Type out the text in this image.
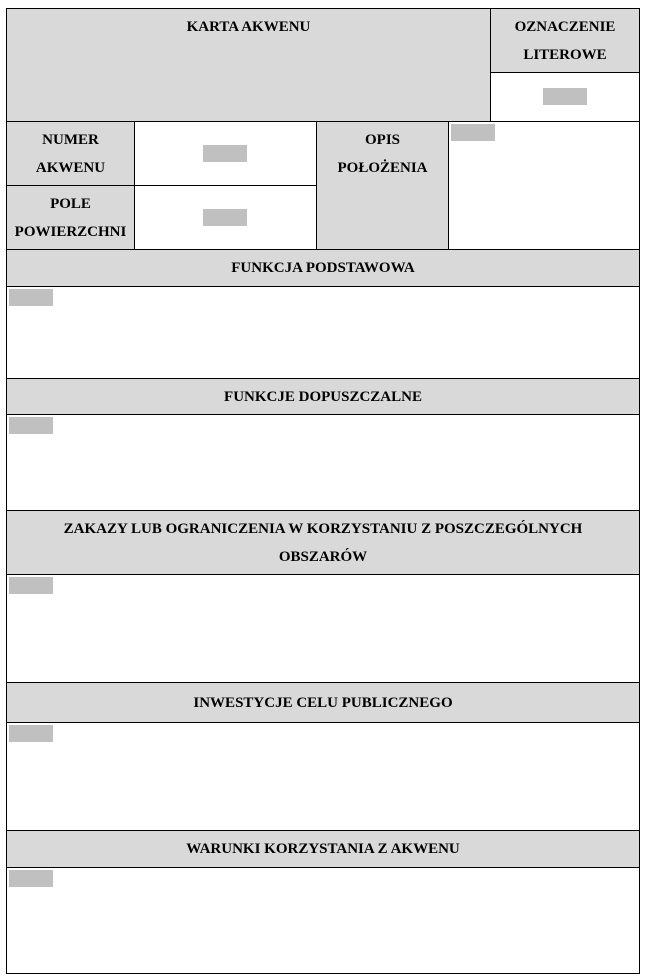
KARTA AKWENU	OZNACZENIE LITEROWE
NUMER AKWENU
POLE POWIERZCHNI
OPIS POŁOŻENIA
FUNKCJA PODSTAWOWA
FUNKCJE DOPUSZCZALNE
ZAKAZY LUB OGRANICZENIA W KORZYSTANIU Z POSZCZEGÓLNYCH OBSZARÓW
INWESTYCJE CELU PUBLICZNEGO
WARUNKI KORZYSTANIA Z AKWENU
